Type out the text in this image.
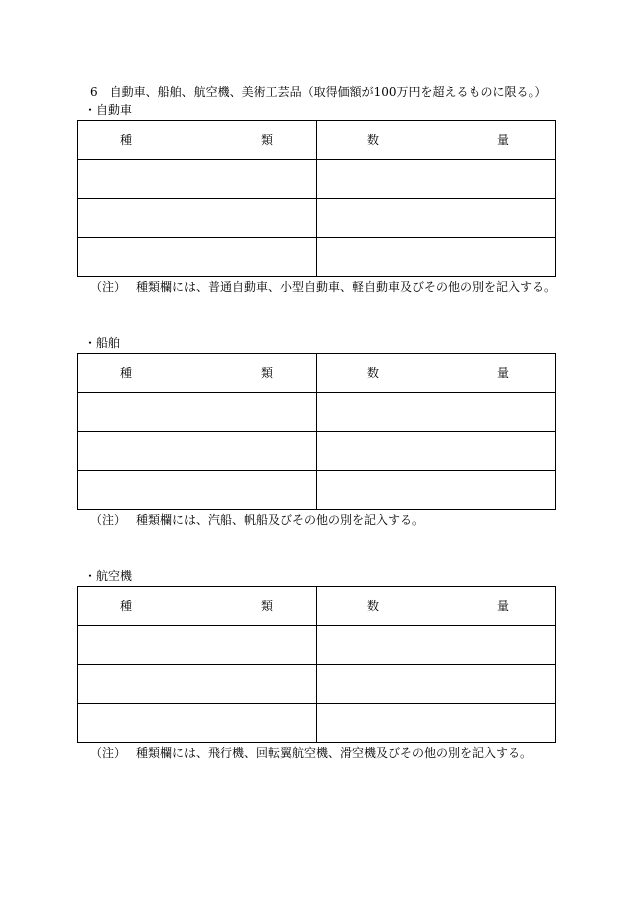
6　自動車、船舶、航空機、美術工芸品（取得価額が100万円を超えるものに限る。）
・自動車
種 類	数 量

（注） 種類欄には、普通自動車、小型自動車、軽自動車及びその他の別を記入する。
・船舶
種 類	数 量

（注） 種類欄には、汽船、帆船及びその他の別を記入する。
・航空機
種 類	数 量

（注） 種類欄には、飛行機、回転翼航空機、滑空機及びその他の別を記入する。
